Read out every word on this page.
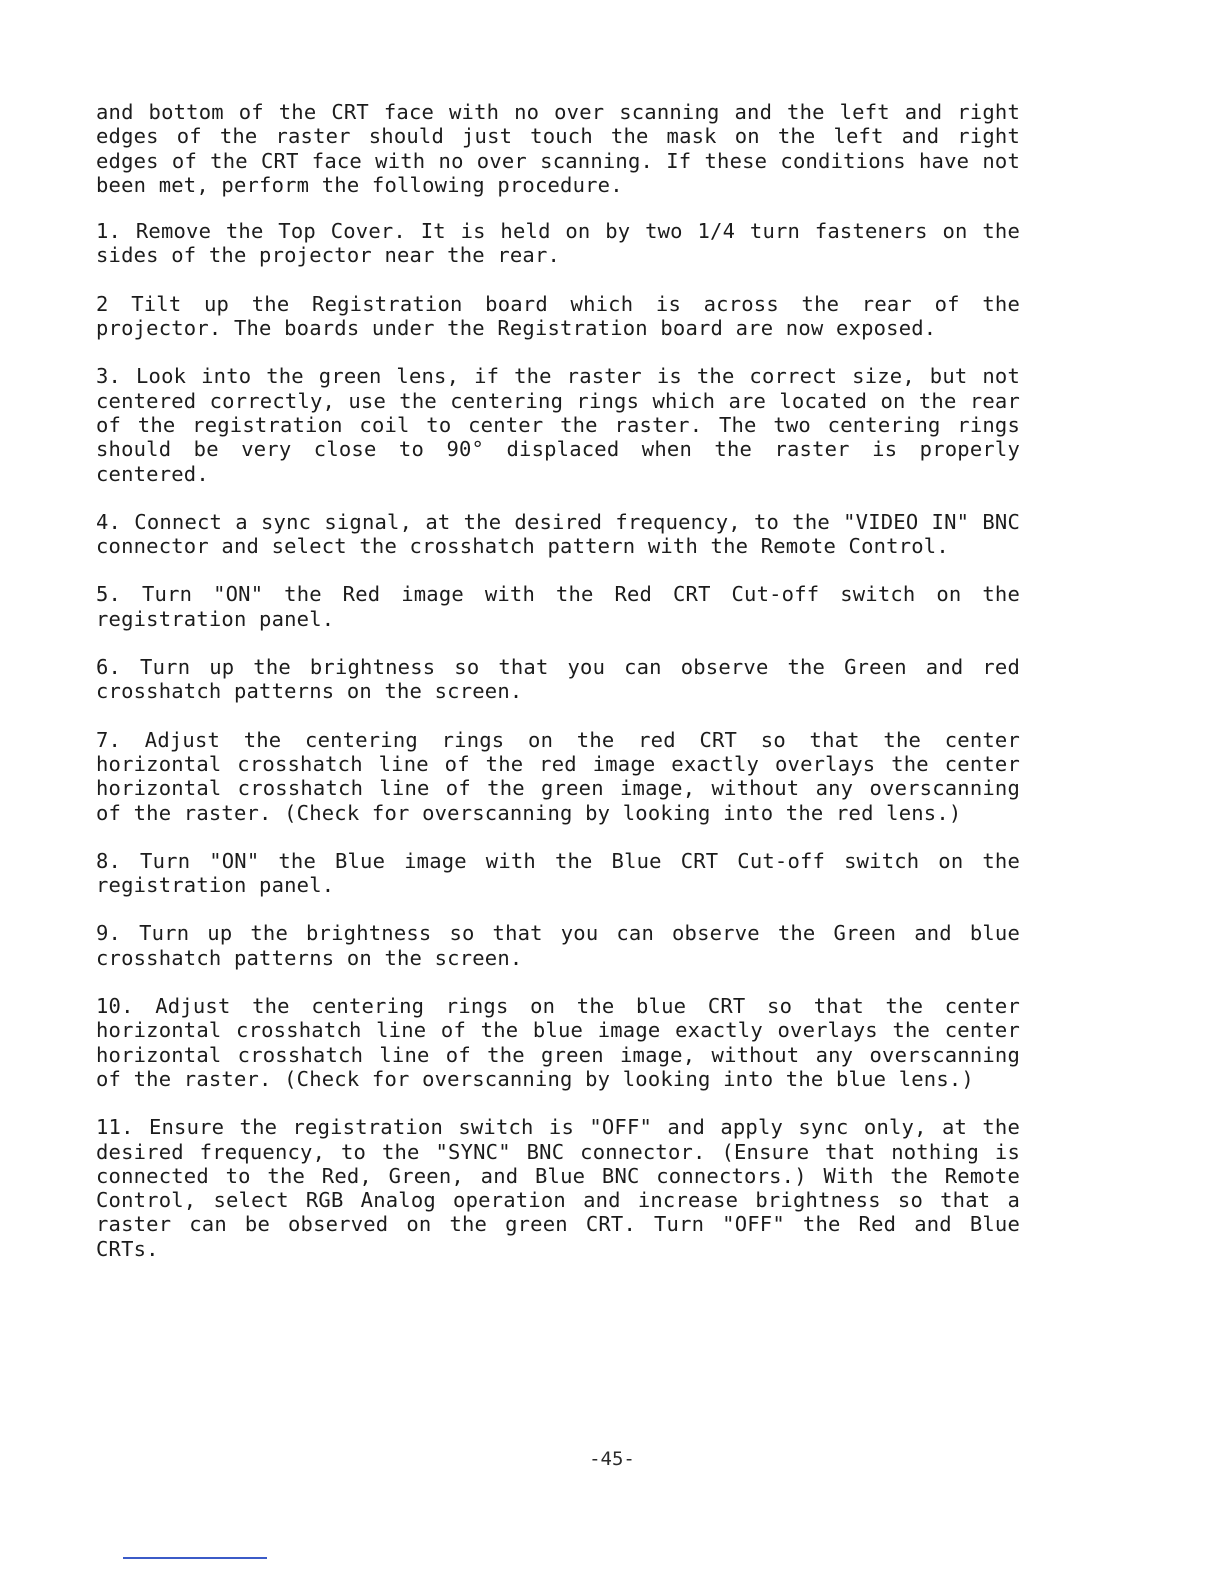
and bottom of the CRT face with no over scanning and the left and right edges of the raster should just touch the mask on the left and right edges of the CRT face with no over scanning. If these conditions have not been met, perform the following procedure.

1. Remove the Top Cover. It is held on by two 1/4 turn fasteners on the sides of the projector near the rear.

2 Tilt up the Registration board which is across the rear of the projector. The boards under the Registration board are now exposed.

3. Look into the green lens, if the raster is the correct size, but not centered correctly, use the centering rings which are located on the rear of the registration coil to center the raster. The two centering rings should be very close to 90° displaced when the raster is properly centered.

4. Connect a sync signal, at the desired frequency, to the "VIDEO IN" BNC connector and select the crosshatch pattern with the Remote Control.

5. Turn "ON" the Red image with the Red CRT Cut-off switch on the registration panel.

6. Turn up the brightness so that you can observe the Green and red crosshatch patterns on the screen.

7. Adjust the centering rings on the red CRT so that the center horizontal crosshatch line of the red image exactly overlays the center horizontal crosshatch line of the green image, without any overscanning of the raster. (Check for overscanning by looking into the red lens.)

8. Turn "ON" the Blue image with the Blue CRT Cut-off switch on the registration panel.

9. Turn up the brightness so that you can observe the Green and blue crosshatch patterns on the screen.

10. Adjust the centering rings on the blue CRT so that the center horizontal crosshatch line of the blue image exactly overlays the center horizontal crosshatch line of the green image, without any overscanning of the raster. (Check for overscanning by looking into the blue lens.)

11. Ensure the registration switch is "OFF" and apply sync only, at the desired frequency, to the "SYNC" BNC connector. (Ensure that nothing is connected to the Red, Green, and Blue BNC connectors.) With the Remote Control, select RGB Analog operation and increase brightness so that a raster can be observed on the green CRT. Turn "OFF" the Red and Blue CRTs.

-45-
